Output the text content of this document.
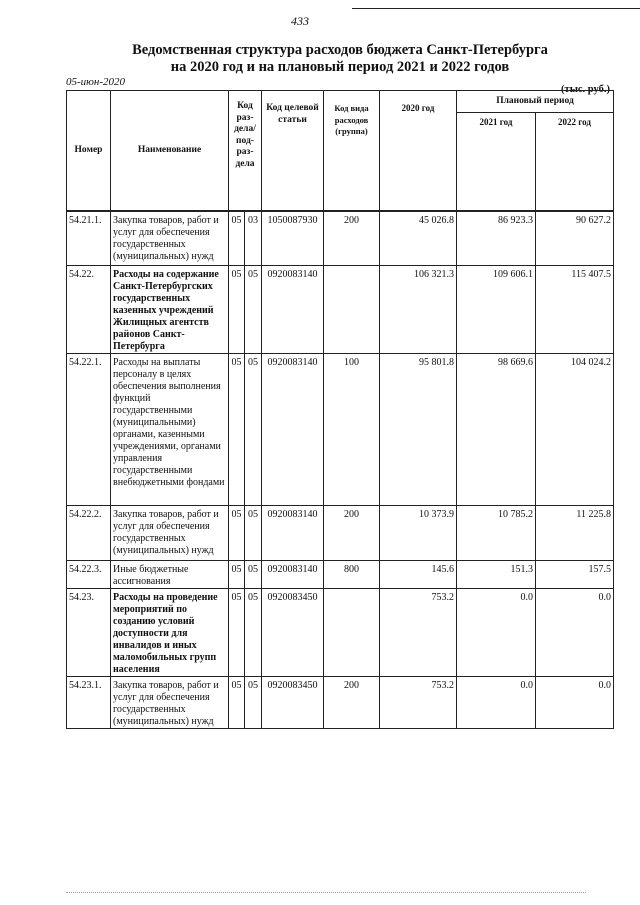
433
Ведомственная структура расходов бюджета Санкт-Петербурга
на 2020 год и на плановый период 2021 и 2022 годов
05-июн-2020
(тыс. руб.)
Номер	Наименование	Код раз-дела/ под-раз-дела		Код целевой статьи	Код вида расходов (группа)	2020 год	Плановый период	
							2021 год	2022 год

54.21.1.	Закупка товаров, работ и услуг для обеспечения государственных (муниципальных) нужд	05	03	1050087930	200	45 026.8	86 923.3	90 627.2
54.22.	Расходы на содержание Санкт-Петербургских государственных казенных учреждений Жилищных агентств районов Санкт-Петербурга	05	05	0920083140		106 321.3	109 606.1	115 407.5
54.22.1.	Расходы на выплаты персоналу в целях обеспечения выполнения функций государственными (муниципальными) органами, казенными учреждениями, органами управления государственными внебюджетными фондами	05	05	0920083140	100	95 801.8	98 669.6	104 024.2
54.22.2.	Закупка товаров, работ и услуг для обеспечения государственных (муниципальных) нужд	05	05	0920083140	200	10 373.9	10 785.2	11 225.8
54.22.3.	Иные бюджетные ассигнования	05	05	0920083140	800	145.6	151.3	157.5
54.23.	Расходы на проведение мероприятий по созданию условий доступности для инвалидов и иных маломобильных групп населения	05	05	0920083450		753.2	0.0	0.0
54.23.1.	Закупка товаров, работ и услуг для обеспечения государственных (муниципальных) нужд	05	05	0920083450	200	753.2	0.0	0.0
